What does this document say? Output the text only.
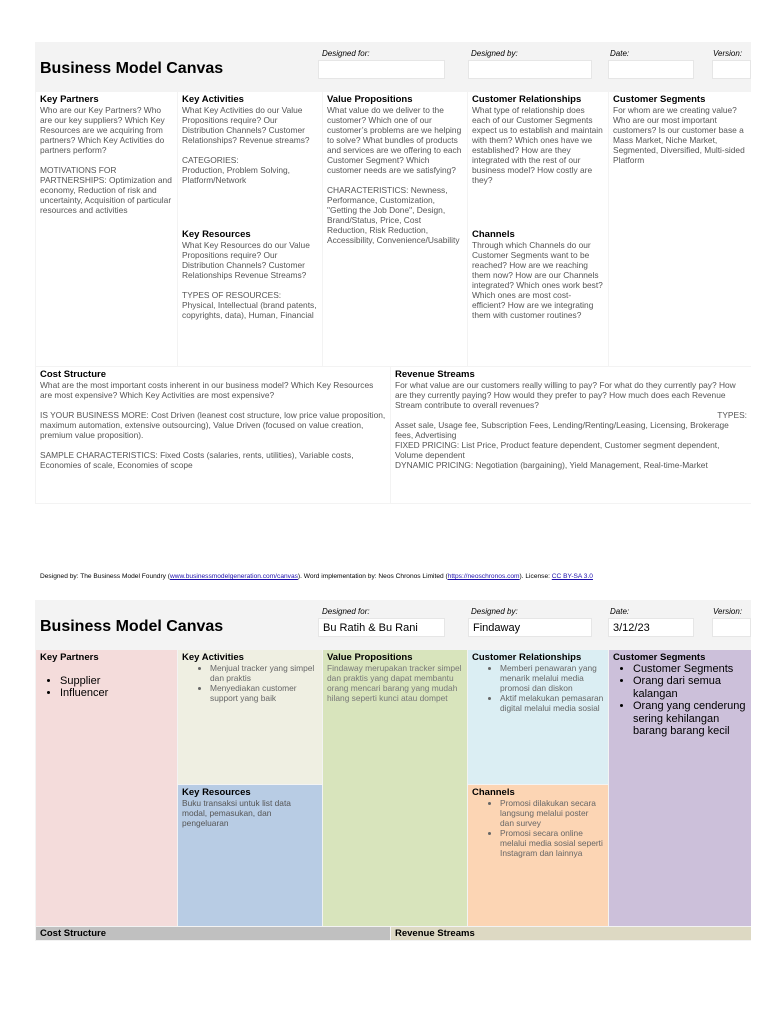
Business Model Canvas
Designed for:	Designed by:	Date:	Version:
Key Partners
Who are our Key Partners? Who are our key suppliers? Which Key Resources are we acquiring from partners? Which Key Activities do partners perform?

MOTIVATIONS FOR PARTNERSHIPS: Optimization and economy, Reduction of risk and uncertainty, Acquisition of particular resources and activities
Key Activities
What Key Activities do our Value Propositions require? Our Distribution Channels? Customer Relationships? Revenue streams?

CATEGORIES:
Production, Problem Solving, Platform/Network
Key Resources
What Key Resources do our Value Propositions require? Our Distribution Channels? Customer Relationships Revenue Streams?

TYPES OF RESOURCES:
Physical, Intellectual (brand patents, copyrights, data), Human, Financial
Value Propositions
What value do we deliver to the customer? Which one of our customer’s problems are we helping to solve? What bundles of products and services are we offering to each Customer Segment? Which customer needs are we satisfying?

CHARACTERISTICS: Newness, Performance, Customization, "Getting the Job Done", Design, Brand/Status, Price, Cost Reduction, Risk Reduction, Accessibility, Convenience/Usability
Customer Relationships
What type of relationship does each of our Customer Segments expect us to establish and maintain with them? Which ones have we established? How are they integrated with the rest of our business model? How costly are they?
Channels
Through which Channels do our Customer Segments want to be reached? How are we reaching them now? How are our Channels integrated? Which ones work best? Which ones are most cost-efficient? How are we integrating them with customer routines?
Customer Segments
For whom are we creating value? Who are our most important customers? Is our customer base a Mass Market, Niche Market, Segmented, Diversified, Multi-sided Platform
Cost Structure
What are the most important costs inherent in our business model? Which Key Resources are most expensive? Which Key Activities are most expensive?

IS YOUR BUSINESS MORE: Cost Driven (leanest cost structure, low price value proposition, maximum automation, extensive outsourcing), Value Driven (focused on value creation, premium value proposition).

SAMPLE CHARACTERISTICS: Fixed Costs (salaries, rents, utilities), Variable costs, Economies of scale, Economies of scope
Revenue Streams
For what value are our customers really willing to pay? For what do they currently pay? How are they currently paying? How would they prefer to pay? How much does each Revenue Stream contribute to overall revenues?
TYPES:
Asset sale, Usage fee, Subscription Fees, Lending/Renting/Leasing, Licensing, Brokerage fees, Advertising
FIXED PRICING: List Price, Product feature dependent, Customer segment dependent, Volume dependent
DYNAMIC PRICING: Negotiation (bargaining), Yield Management, Real-time-Market
Designed by: The Business Model Foundry (www.businessmodelgeneration.com/canvas). Word implementation by: Neos Chronos Limited (https://neoschronos.com). License: CC BY-SA 3.0
Business Model Canvas
Designed for:
Bu Ratih & Bu Rani
Designed by:
Findaway
Date:
3/12/23
Version:
Key Partners
• Supplier
• Influencer
Key Activities
• Menjual tracker yang simpel dan praktis
• Menyediakan customer support yang baik
Key Resources
Buku transaksi untuk list data modal, pemasukan, dan pengeluaran
Value Propositions
Findaway merupakan tracker simpel dan praktis yang dapat membantu orang mencari barang yang mudah hilang seperti kunci atau dompet
Customer Relationships
• Memberi penawaran yang menarik melalui media promosi dan diskon
• Aktif melakukan pemasaran digital melalui media sosial
Channels
• Promosi dilakukan secara langsung melalui poster dan survey
• Promosi secara online melalui media sosial seperti Instagram dan lainnya
Customer Segments
• Customer Segments
• Orang dari semua kalangan
• Orang yang cenderung sering kehilangan barang barang kecil
Cost Structure	Revenue Streams
